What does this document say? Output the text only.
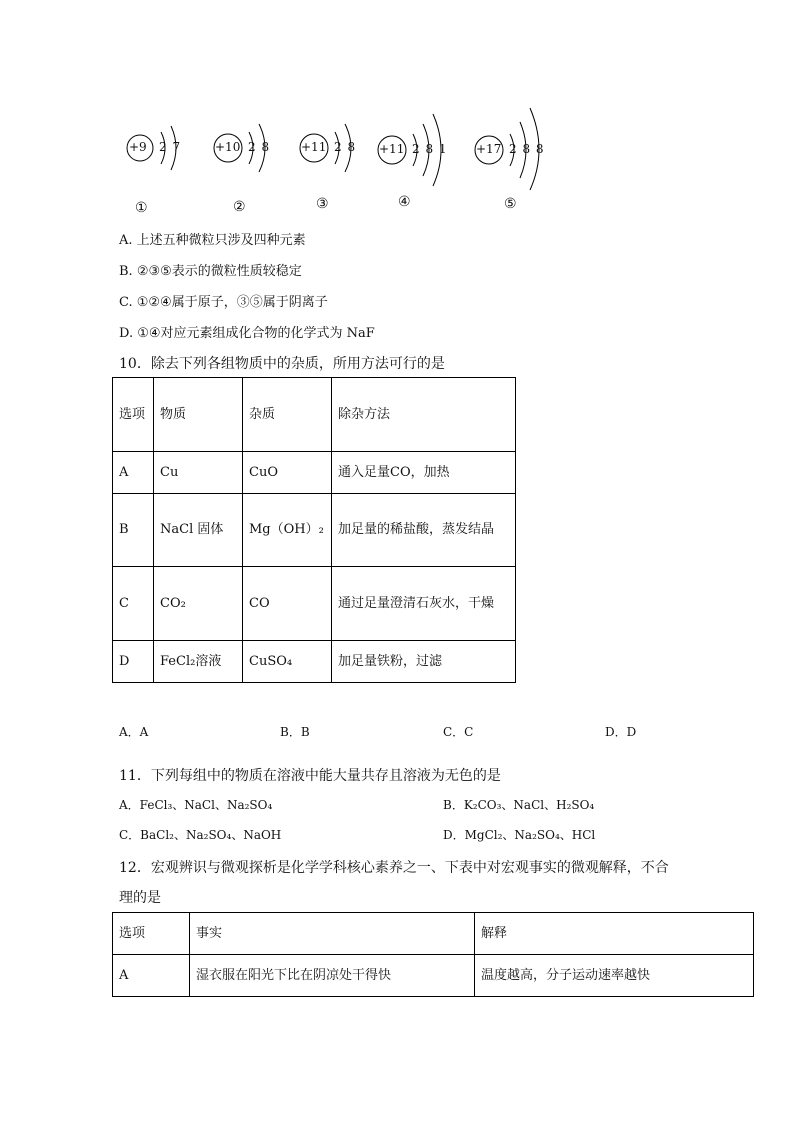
+9 2 7	+10 2 8	+11 2 8 +11 2 8 1 +17 2 8 8
①	②	③	④	⑤
A. 上述五种微粒只涉及四种元素
B. ②③⑤表示的微粒性质较稳定
C. ①②④属于原子，③⑤属于阴离子
D. ①④对应元素组成化合物的化学式为 NaF
10．除去下列各组物质中的杂质，所用方法可行的是
选项	物质	杂质	除杂方法
A	Cu	CuO	通入足量CO，加热
B	NaCl 固体	Mg（OH）₂	加足量的稀盐酸，蒸发结晶
C	CO₂	CO	通过足量澄清石灰水，干燥
D	FeCl₂溶液	CuSO₄	加足量铁粉，过滤
A．A	B．B	C．C	D．D
11．下列每组中的物质在溶液中能大量共存且溶液为无色的是
A．FeCl₃、NaCl、Na₂SO₄	B．K₂CO₃、NaCl、H₂SO₄
C．BaCl₂、Na₂SO₄、NaOH	D．MgCl₂、Na₂SO₄、HCl
12．宏观辨识与微观探析是化学学科核心素养之一、下表中对宏观事实的微观解释，不合
理的是
选项	事实	解释
A	湿衣服在阳光下比在阴凉处干得快	温度越高，分子运动速率越快
